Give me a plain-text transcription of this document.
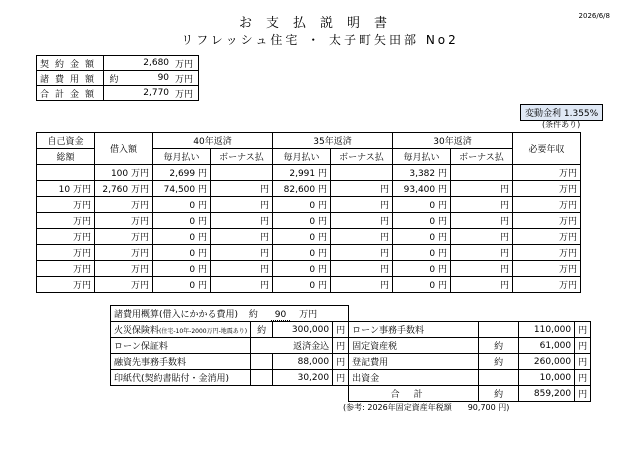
お支払説明書
リフレッシュ住宅 ・ 太子町矢田部 No2
2026/6/8
契約金額		2,680	万円
諸費用額	約	90	万円
合計金額		2,770	万円
変動金利 1.355%
(条件あり)
自己資金	借入額	40年返済		35年返済		30年返済		必要年収
総額		毎月払い	ボーナス払	毎月払い	ボーナス払	毎月払い	ボーナス払	
	100 万円	2,699 円		2,991 円		3,382 円		万円
10 万円	2,760 万円	74,500 円	円	82,600 円	円	93,400 円	円	万円
万円	万円	0 円	円	0 円	円	0 円	円	万円
万円	万円	0 円	円	0 円	円	0 円	円	万円
万円	万円	0 円	円	0 円	円	0 円	円	万円
万円	万円	0 円	円	0 円	円	0 円	円	万円
万円	万円	0 円	円	0 円	円	0 円	円	万円
万円	万円	0 円	円	0 円	円	0 円	円	万円
諸費用概算(借入にかかる費用) 約 90 万円							
火災保険料(住宅-10年-2000万円-地震あり)	約	300,000	円	ローン事務手数料		110,000	円
ローン保証料	返済金込		円	固定資産税	約	61,000	円
融資先事務手数料		88,000	円	登記費用	約	260,000	円
印紙代(契約書貼付・金消用)		30,200	円	出資金		10,000	円
				合計	約	859,200	円
(参考: 2026年固定資産年税額　　90,700 円)
